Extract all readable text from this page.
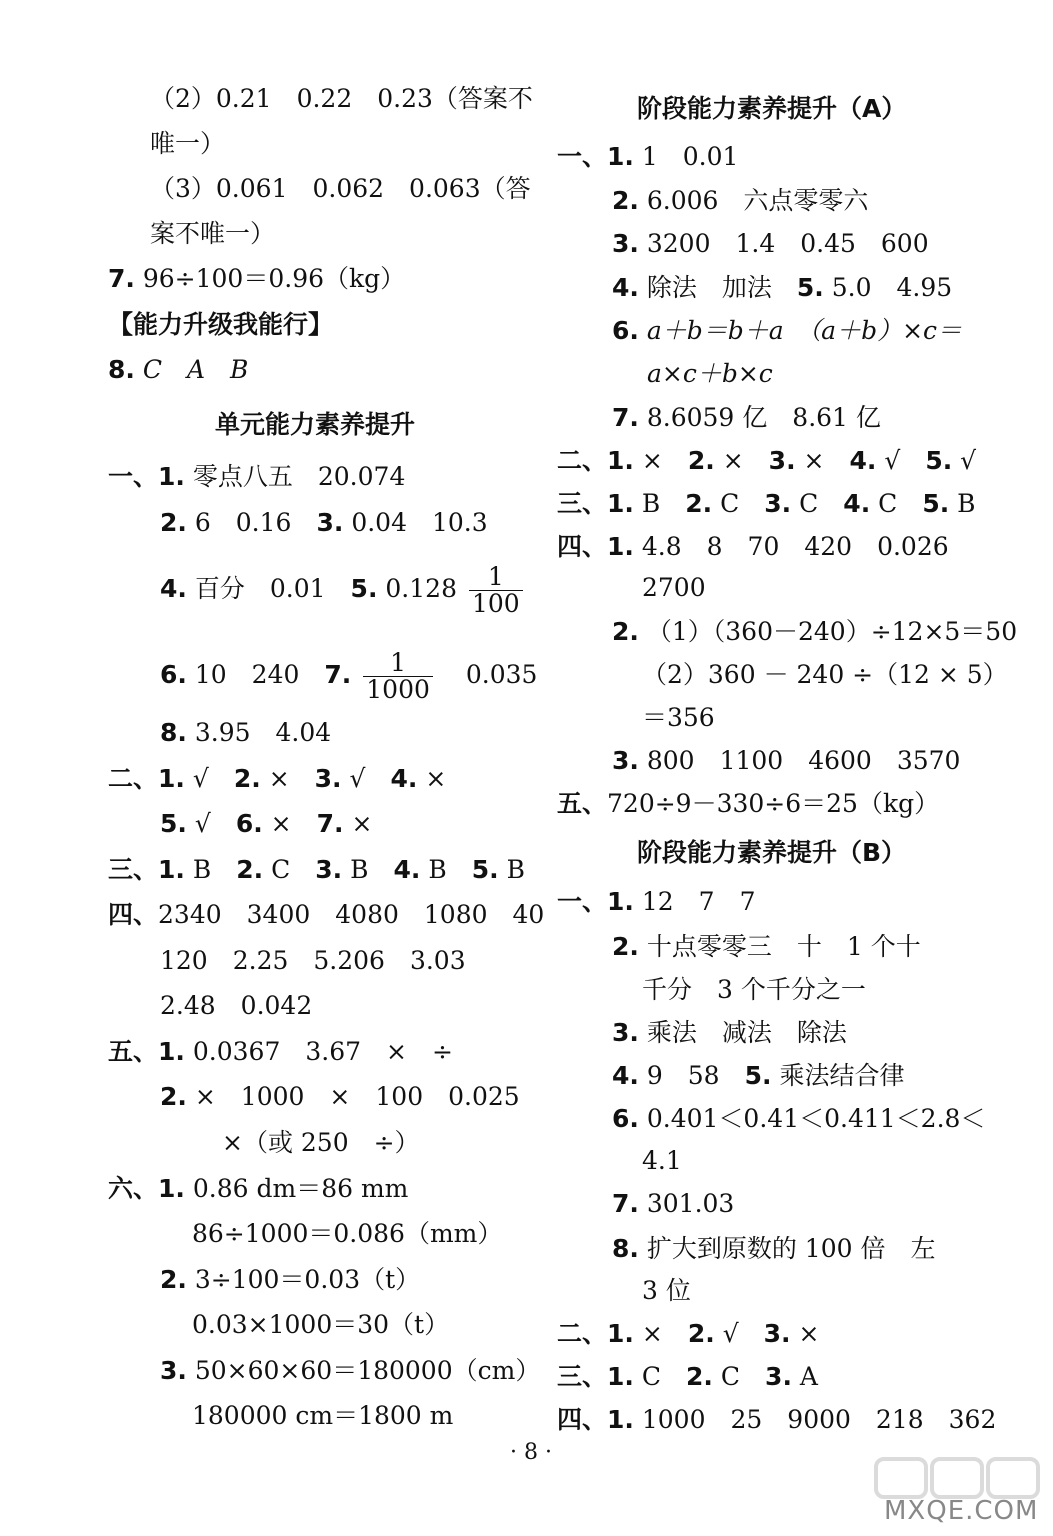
（2）0.21　0.22　0.23（答案不
唯一）
（3）0.061　0.062　0.063（答
案不唯一）
7. 96÷100＝0.96（kg）
【能力升级我能行】
8. C　A　B
单元能力素养提升
一、1. 零点八五　20.074
2. 6　0.16　 3. 0.04　10.3
4. 百分　0.01　 5. $0.128 \frac{1}{100}$
6. 10　240　 7. $\frac{1}{1000}$
　 0.035
8. 3.95　4.04
二、1. √　 2. ×　 3. √　 4. ×
5. √　 6. ×　 7. ×
三、1. B　 2. C　 3. B　 4. B　 5. B
四、2340　3400　4080　1080　40
120　2.25　5.206　3.03
2.48　0.042
五、1. 0.0367　3.67　×　÷
2. ×　1000　×　100　0.025
×（或 250　÷）
六、1. 0.86 dm＝86 mm
86÷1000＝0.086（mm）
2. 3÷100＝0.03（t）
0.03×1000＝30（t）
3. 50×60×60＝180000（cm）
180000 cm＝1800 m
阶段能力素养提升（A）
一、1. 1　0.01
2. 6.006　六点零零六
3. 3200　1.4　0.45　600
4. 除法　加法　 5. 5.0　4.95
6. a＋b＝b＋a　（a＋b）×c＝
a×c＋b×c
7. 8.6059 亿　8.61 亿
二、1. ×　 2. ×　 3. ×　 4. √　 5. √
三、1. B　 2. C　 3. C　 4. C　 5. B
四、1. 4.8　8　70　420　0.026
2700
2. （1）（360－240）÷12×5＝50
（2）360 － 240 ÷（12 × 5）
＝356
3. 800　1100　4600　3570
五、720÷9－330÷6＝25（kg）
阶段能力素养提升（B）
一、1. 12　7　7
2. 十点零零三　十　1 个十
千分　3 个千分之一
3. 乘法　减法　除法
4. 9　58　 5. 乘法结合律
6. 0.401＜0.41＜0.411＜2.8＜
4.1
7. 301.03
8. 扩大到原数的 100 倍　左
3 位
二、1. ×　 2. √　 3. ×
三、1. C　 2. C　 3. A
四、1. 1000　25　9000　218　362
· 8 ·
MXQE.COM
